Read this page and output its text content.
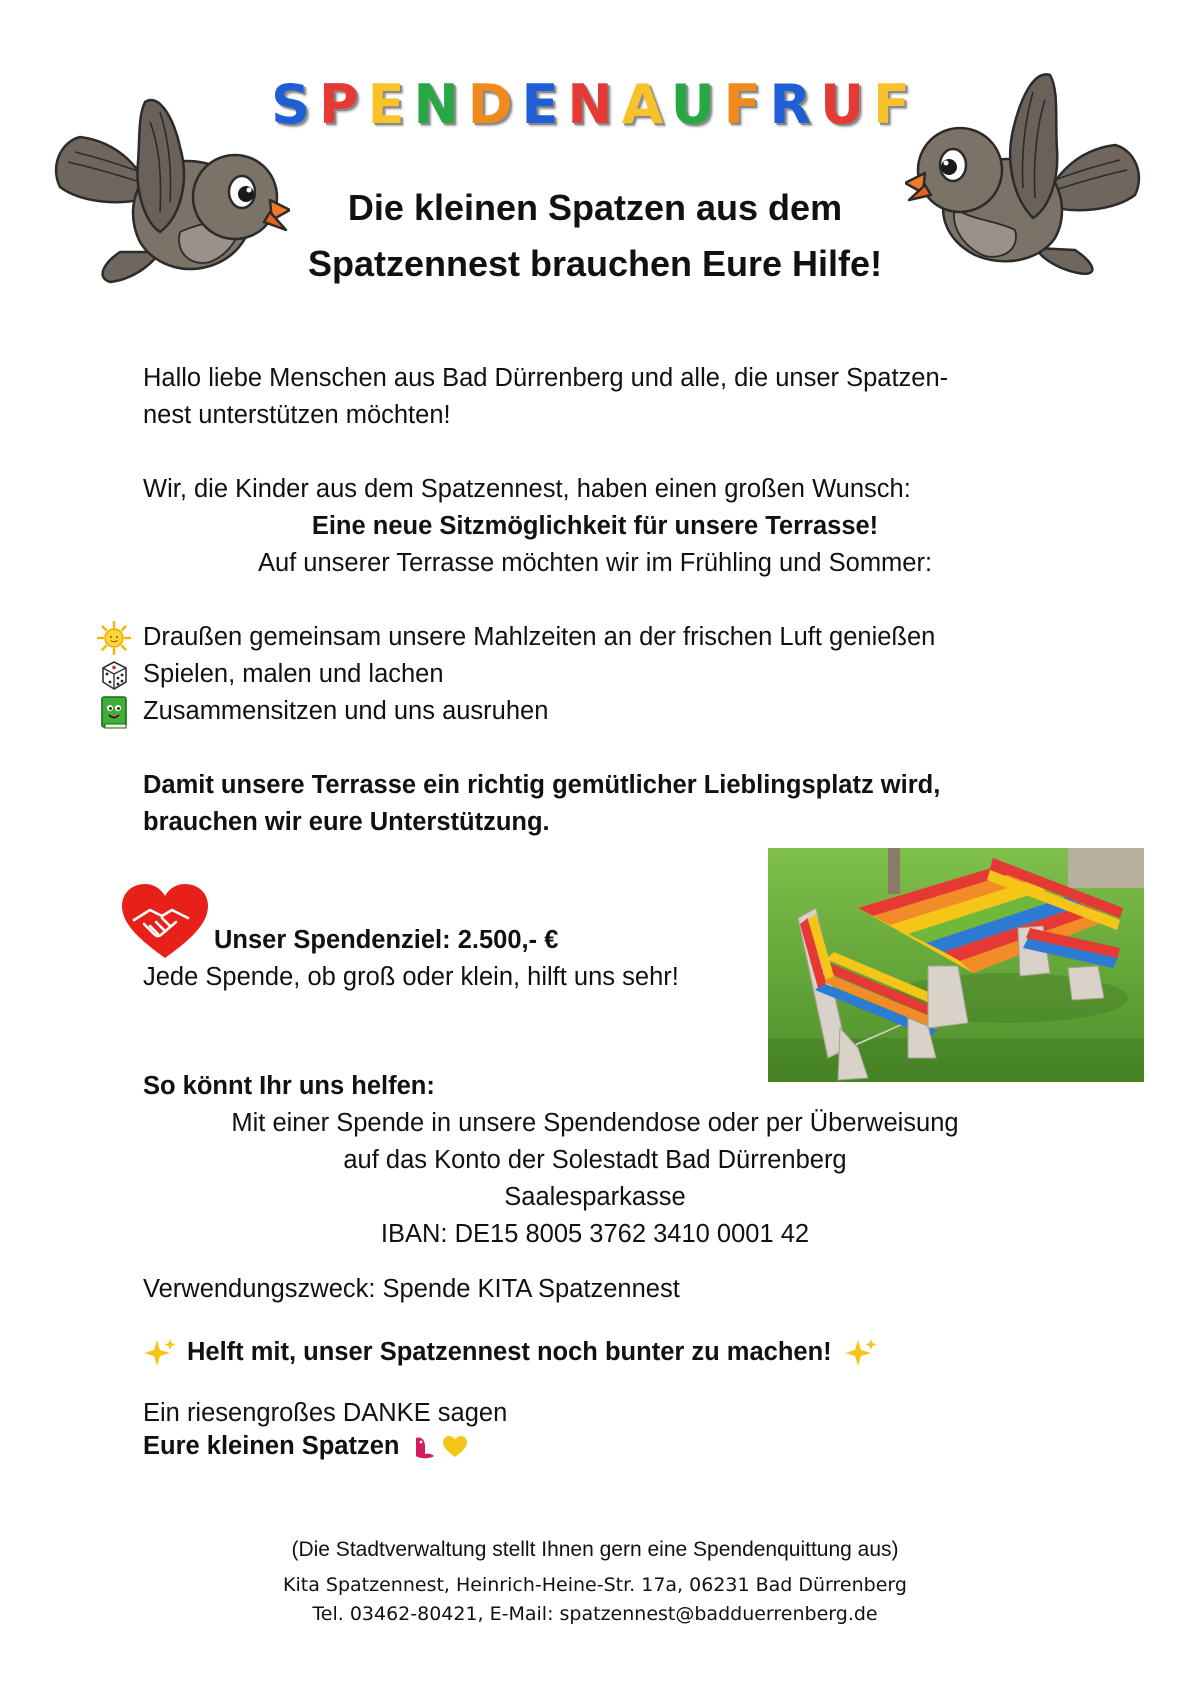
SPENDENAUFRUF
Die kleinen Spatzen aus dem
Spatzennest brauchen Eure Hilfe!
Hallo liebe Menschen aus Bad Dürrenberg und alle, die unser Spatzen-
nest unterstützen möchten!
Wir, die Kinder aus dem Spatzennest, haben einen großen Wunsch:
Eine neue Sitzmöglichkeit für unsere Terrasse!
Auf unserer Terrasse möchten wir im Frühling und Sommer:
Draußen gemeinsam unsere Mahlzeiten an der frischen Luft genießen
Spielen, malen und lachen
Zusammensitzen und uns ausruhen
Damit unsere Terrasse ein richtig gemütlicher Lieblingsplatz wird,
brauchen wir eure Unterstützung.
Unser Spendenziel: 2.500,- €
Jede Spende, ob groß oder klein, hilft uns sehr!
So könnt Ihr uns helfen:
Mit einer Spende in unsere Spendendose oder per Überweisung
auf das Konto der Solestadt Bad Dürrenberg
Saalesparkasse
IBAN: DE15 8005 3762 3410 0001 42
Verwendungszweck: Spende KITA Spatzennest
Helft mit, unser Spatzennest noch bunter zu machen!
Ein riesengroßes DANKE sagen
Eure kleinen Spatzen
(Die Stadtverwaltung stellt Ihnen gern eine Spendenquittung aus)
Kita Spatzennest, Heinrich-Heine-Str. 17a, 06231 Bad Dürrenberg
Tel. 03462-80421, E-Mail: spatzennest@badduerrenberg.de
